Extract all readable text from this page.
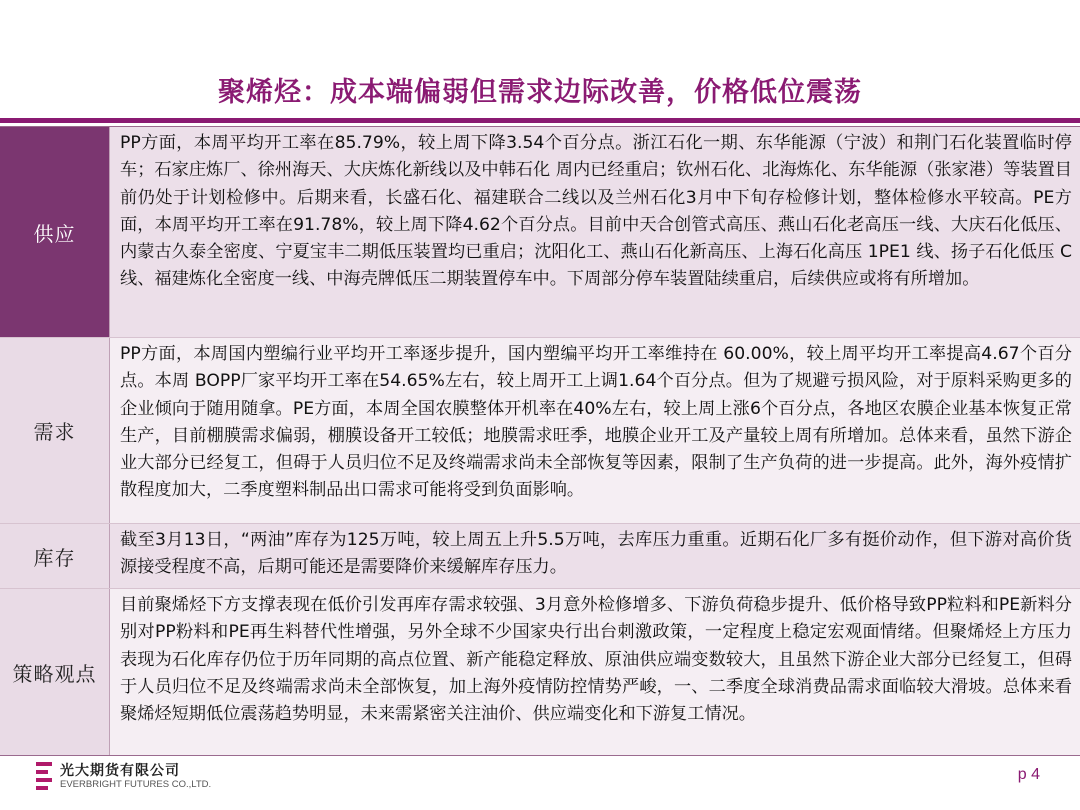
聚烯烃：成本端偏弱但需求边际改善，价格低位震荡
供应
PP方面，本周平均开工率在85.79%，较上周下降3.54个百分点。浙江石化一期、东华能源（宁波）和荆门石化装置临时停车；石家庄炼厂、徐州海天、大庆炼化新线以及中韩石化 周内已经重启；钦州石化、北海炼化、东华能源（张家港）等装置目前仍处于计划检修中。后期来看，长盛石化、福建联合二线以及兰州石化3月中下旬存检修计划，整体检修水平较高。PE方面，本周平均开工率在91.78%，较上周下降4.62个百分点。目前中天合创管式高压、燕山石化老高压一线、大庆石化低压、内蒙古久泰全密度、宁夏宝丰二期低压装置均已重启；沈阳化工、燕山石化新高压、上海石化高压 1PE1 线、扬子石化低压 C 线、福建炼化全密度一线、中海壳牌低压二期装置停车中。下周部分停车装置陆续重启，后续供应或将有所增加。
需求
PP方面，本周国内塑编行业平均开工率逐步提升，国内塑编平均开工率维持在 60.00%，较上周平均开工率提高4.67个百分点。本周 BOPP厂家平均开工率在54.65%左右，较上周开工上调1.64个百分点。但为了规避亏损风险，对于原料采购更多的企业倾向于随用随拿。PE方面，本周全国农膜整体开机率在40%左右，较上周上涨6个百分点，各地区农膜企业基本恢复正常生产，目前棚膜需求偏弱，棚膜设备开工较低；地膜需求旺季，地膜企业开工及产量较上周有所增加。总体来看，虽然下游企业大部分已经复工，但碍于人员归位不足及终端需求尚未全部恢复等因素，限制了生产负荷的进一步提高。此外，海外疫情扩散程度加大，二季度塑料制品出口需求可能将受到负面影响。
库存
截至3月13日，“两油”库存为125万吨，较上周五上升5.5万吨，去库压力重重。近期石化厂多有挺价动作，但下游对高价货源接受程度不高，后期可能还是需要降价来缓解库存压力。
策略观点
目前聚烯烃下方支撑表现在低价引发再库存需求较强、3月意外检修增多、下游负荷稳步提升、低价格导致PP粒料和PE新料分别对PP粉料和PE再生料替代性增强，另外全球不少国家央行出台刺激政策，一定程度上稳定宏观面情绪。但聚烯烃上方压力表现为石化库存仍位于历年同期的高点位置、新产能稳定释放、原油供应端变数较大，且虽然下游企业大部分已经复工，但碍于人员归位不足及终端需求尚未全部恢复，加上海外疫情防控情势严峻，一、二季度全球消费品需求面临较大滑坡。总体来看聚烯烃短期低位震荡趋势明显，未来需紧密关注油价、供应端变化和下游复工情况。
光大期货有限公司
EVERBRIGHT FUTURES CO.,LTD.
p 4
